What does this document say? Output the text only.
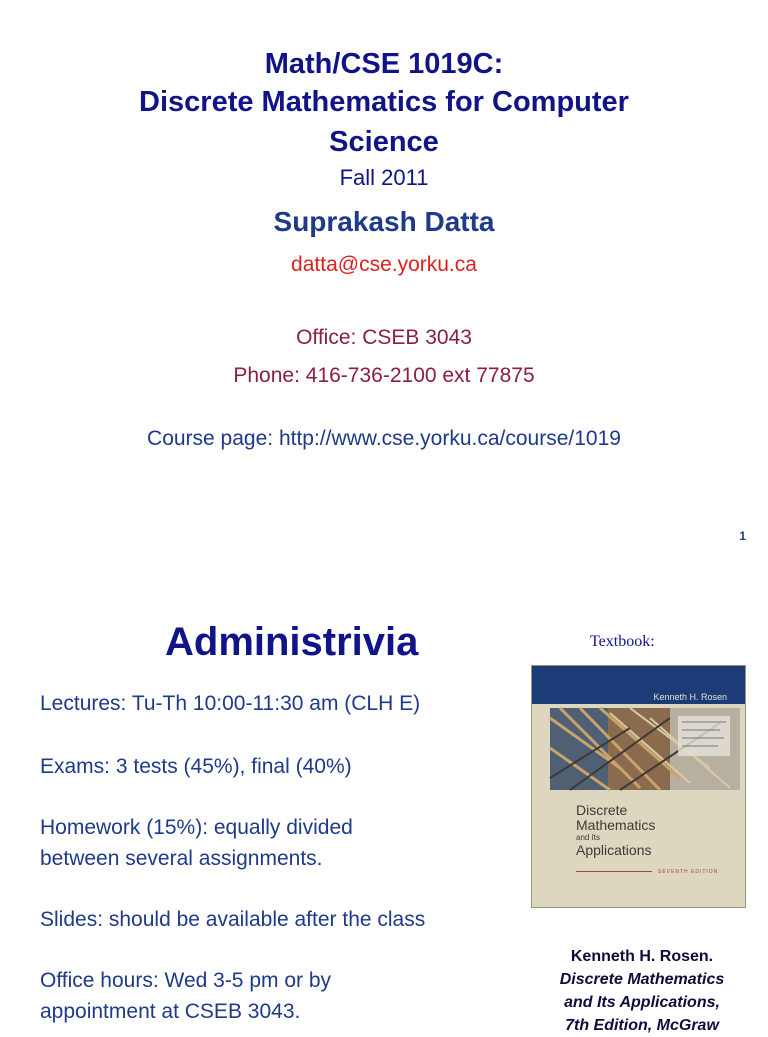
Math/CSE 1019C:
Discrete Mathematics for Computer
Science
Fall 2011
Suprakash Datta
datta@cse.yorku.ca
Office: CSEB 3043
Phone: 416-736-2100 ext 77875
Course page: http://www.cse.yorku.ca/course/1019
1
Administrivia	Textbook:
Lectures: Tu-Th 10:00-11:30 am (CLH E)
Exams: 3 tests (45%), final (40%)
Homework (15%): equally divided
between several assignments.
Slides: should be available after the class
Office hours: Wed 3-5 pm or by
appointment at CSEB 3043.
Kenneth H. Rosen
Discrete
Mathematics
and Its
Applications
SEVENTH EDITION
Kenneth H. Rosen.
Discrete Mathematics
and Its Applications,
7th Edition, McGraw
